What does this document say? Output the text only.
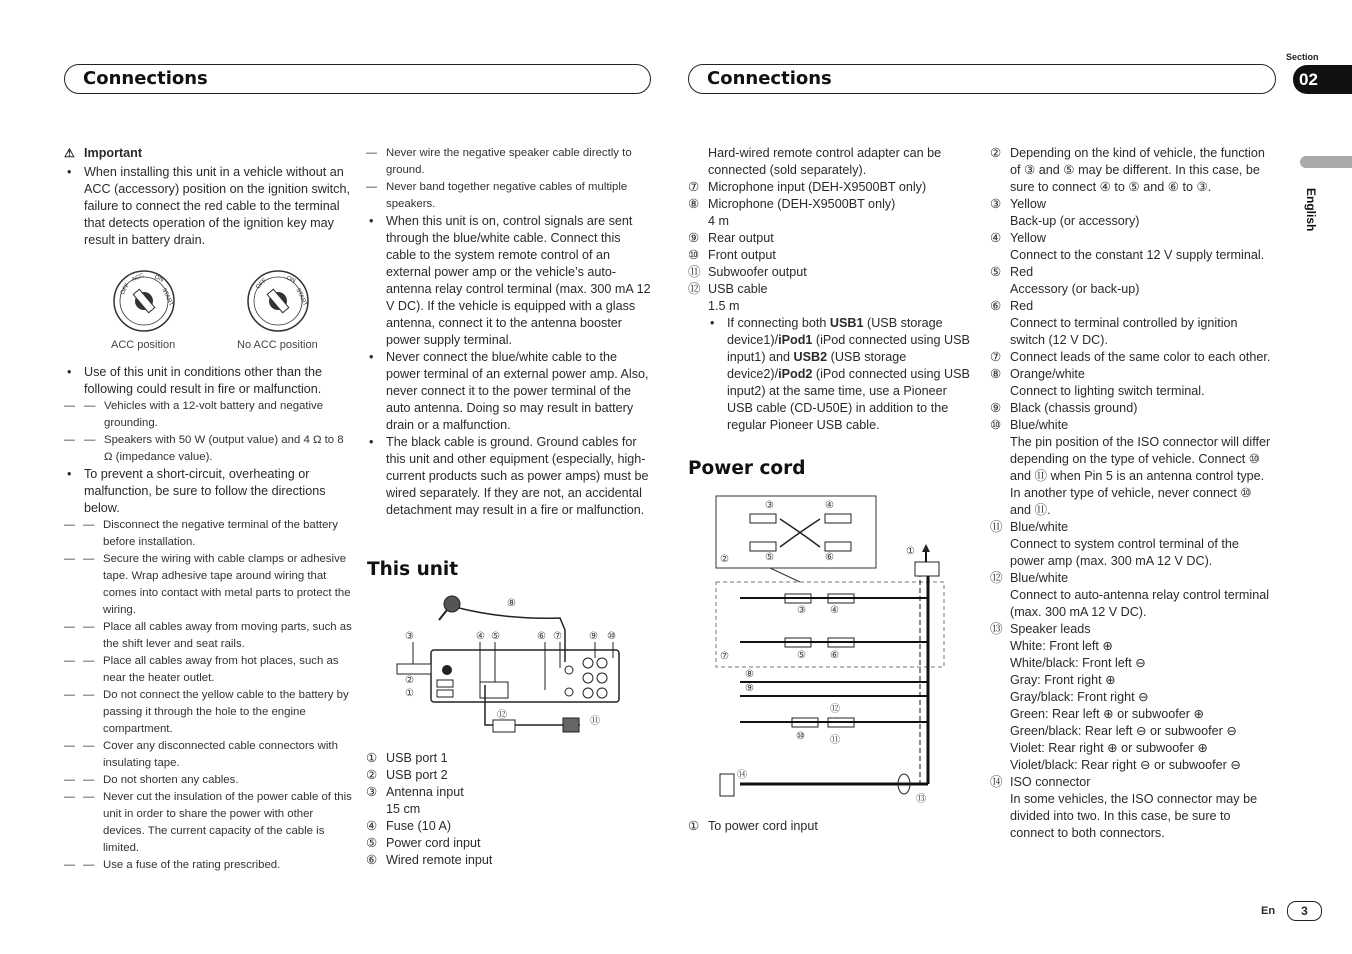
Connections	Connections
Section
02
English

⚠ Important

• When installing this unit in a vehicle without an ACC (accessory) position on the ignition switch, failure to connect the red cable to the terminal that detects operation of the ignition key may result in battery drain.

OFF
ACC	ON
START
OFF	ON
START
ACC position	No ACC position

• Use of this unit in conditions other than the following could result in fire or malfunction.

— — Vehicles with a 12-volt battery and negative grounding.

— — Speakers with 50 W (output value) and 4 Ω to 8 Ω (impedance value).

• To prevent a short-circuit, overheating or malfunction, be sure to follow the directions below.

— — Disconnect the negative terminal of the battery before installation.

— — Secure the wiring with cable clamps or adhesive tape. Wrap adhesive tape around wiring that comes into contact with metal parts to protect the wiring.

— — Place all cables away from moving parts, such as the shift lever and seat rails.

— — Place all cables away from hot places, such as near the heater outlet.

— — Do not connect the yellow cable to the battery by passing it through the hole to the engine compartment.

— — Cover any disconnected cable connectors with insulating tape.

— — Do not shorten any cables.

— — Never cut the insulation of the power cable of this unit in order to share the power with other devices. The current capacity of the cable is limited.

— — Use a fuse of the rating prescribed.

— Never wire the negative speaker cable directly to ground.

— Never band together negative cables of multiple speakers.

• When this unit is on, control signals are sent through the blue/white cable. Connect this cable to the system remote control of an external power amp or the vehicle’s auto-antenna relay control terminal (max. 300 mA 12 V DC). If the vehicle is equipped with a glass antenna, connect it to the antenna booster power supply terminal.

• Never connect the blue/white cable to the power terminal of an external power amp. Also, never connect it to the power terminal of the auto antenna. Doing so may result in battery drain or a malfunction.

• The black cable is ground. Ground cables for this unit and other equipment (especially, high-current products such as power amps) must be wired separately. If they are not, an accidental detachment may result in a fire or malfunction.

This unit
⑧
③	④ ⑤	⑥ ⑦	⑨ ⑩
②
①
⑫
⑪

① USB port 1

② USB port 2

③ Antenna input

15 cm

④ Fuse (10 A)

⑤ Power cord input

⑥ Wired remote input

Hard-wired remote control adapter can be connected (sold separately).

⑦ Microphone input (DEH-X9500BT only)

⑧ Microphone (DEH-X9500BT only)

4 m

⑨ Rear output

⑩ Front output

⑪ Subwoofer output

⑫ USB cable

1.5 m

• If connecting both USB1 (USB storage device1)/iPod1 (iPod connected using USB input1) and USB2 (USB storage device2)/iPod2 (iPod connected using USB input2) at the same time, use a Pioneer USB cable (CD-U50E) in addition to the regular Pioneer USB cable.

Power cord
③	④
②	⑤	⑥
①
③ ④
⑦	⑤ ⑥
⑧
⑨
⑫
⑩	⑪
⑭
⑬

① To power cord input

② Depending on the kind of vehicle, the function of ③ and ⑤ may be different. In this case, be sure to connect ④ to ⑤ and ⑥ to ③.

③ Yellow

Back-up (or accessory)

④ Yellow

Connect to the constant 12 V supply terminal.

⑤ Red

Accessory (or back-up)

⑥ Red

Connect to terminal controlled by ignition switch (12 V DC).

⑦ Connect leads of the same color to each other.

⑧ Orange/white

Connect to lighting switch terminal.

⑨ Black (chassis ground)

⑩ Blue/white

The pin position of the ISO connector will differ depending on the type of vehicle. Connect ⑩ and ⑪ when Pin 5 is an antenna control type. In another type of vehicle, never connect ⑩ and ⑪.

⑪ Blue/white

Connect to system control terminal of the power amp (max. 300 mA 12 V DC).

⑫ Blue/white

Connect to auto-antenna relay control terminal (max. 300 mA 12 V DC).

⑬ Speaker leads

White: Front left ⊕

White/black: Front left ⊖

Gray: Front right ⊕

Gray/black: Front right ⊖

Green: Rear left ⊕ or subwoofer ⊕

Green/black: Rear left ⊖ or subwoofer ⊖

Violet: Rear right ⊕ or subwoofer ⊕

Violet/black: Rear right ⊖ or subwoofer ⊖

⑭ ISO connector

In some vehicles, the ISO connector may be divided into two. In this case, be sure to connect to both connectors.

En	3
